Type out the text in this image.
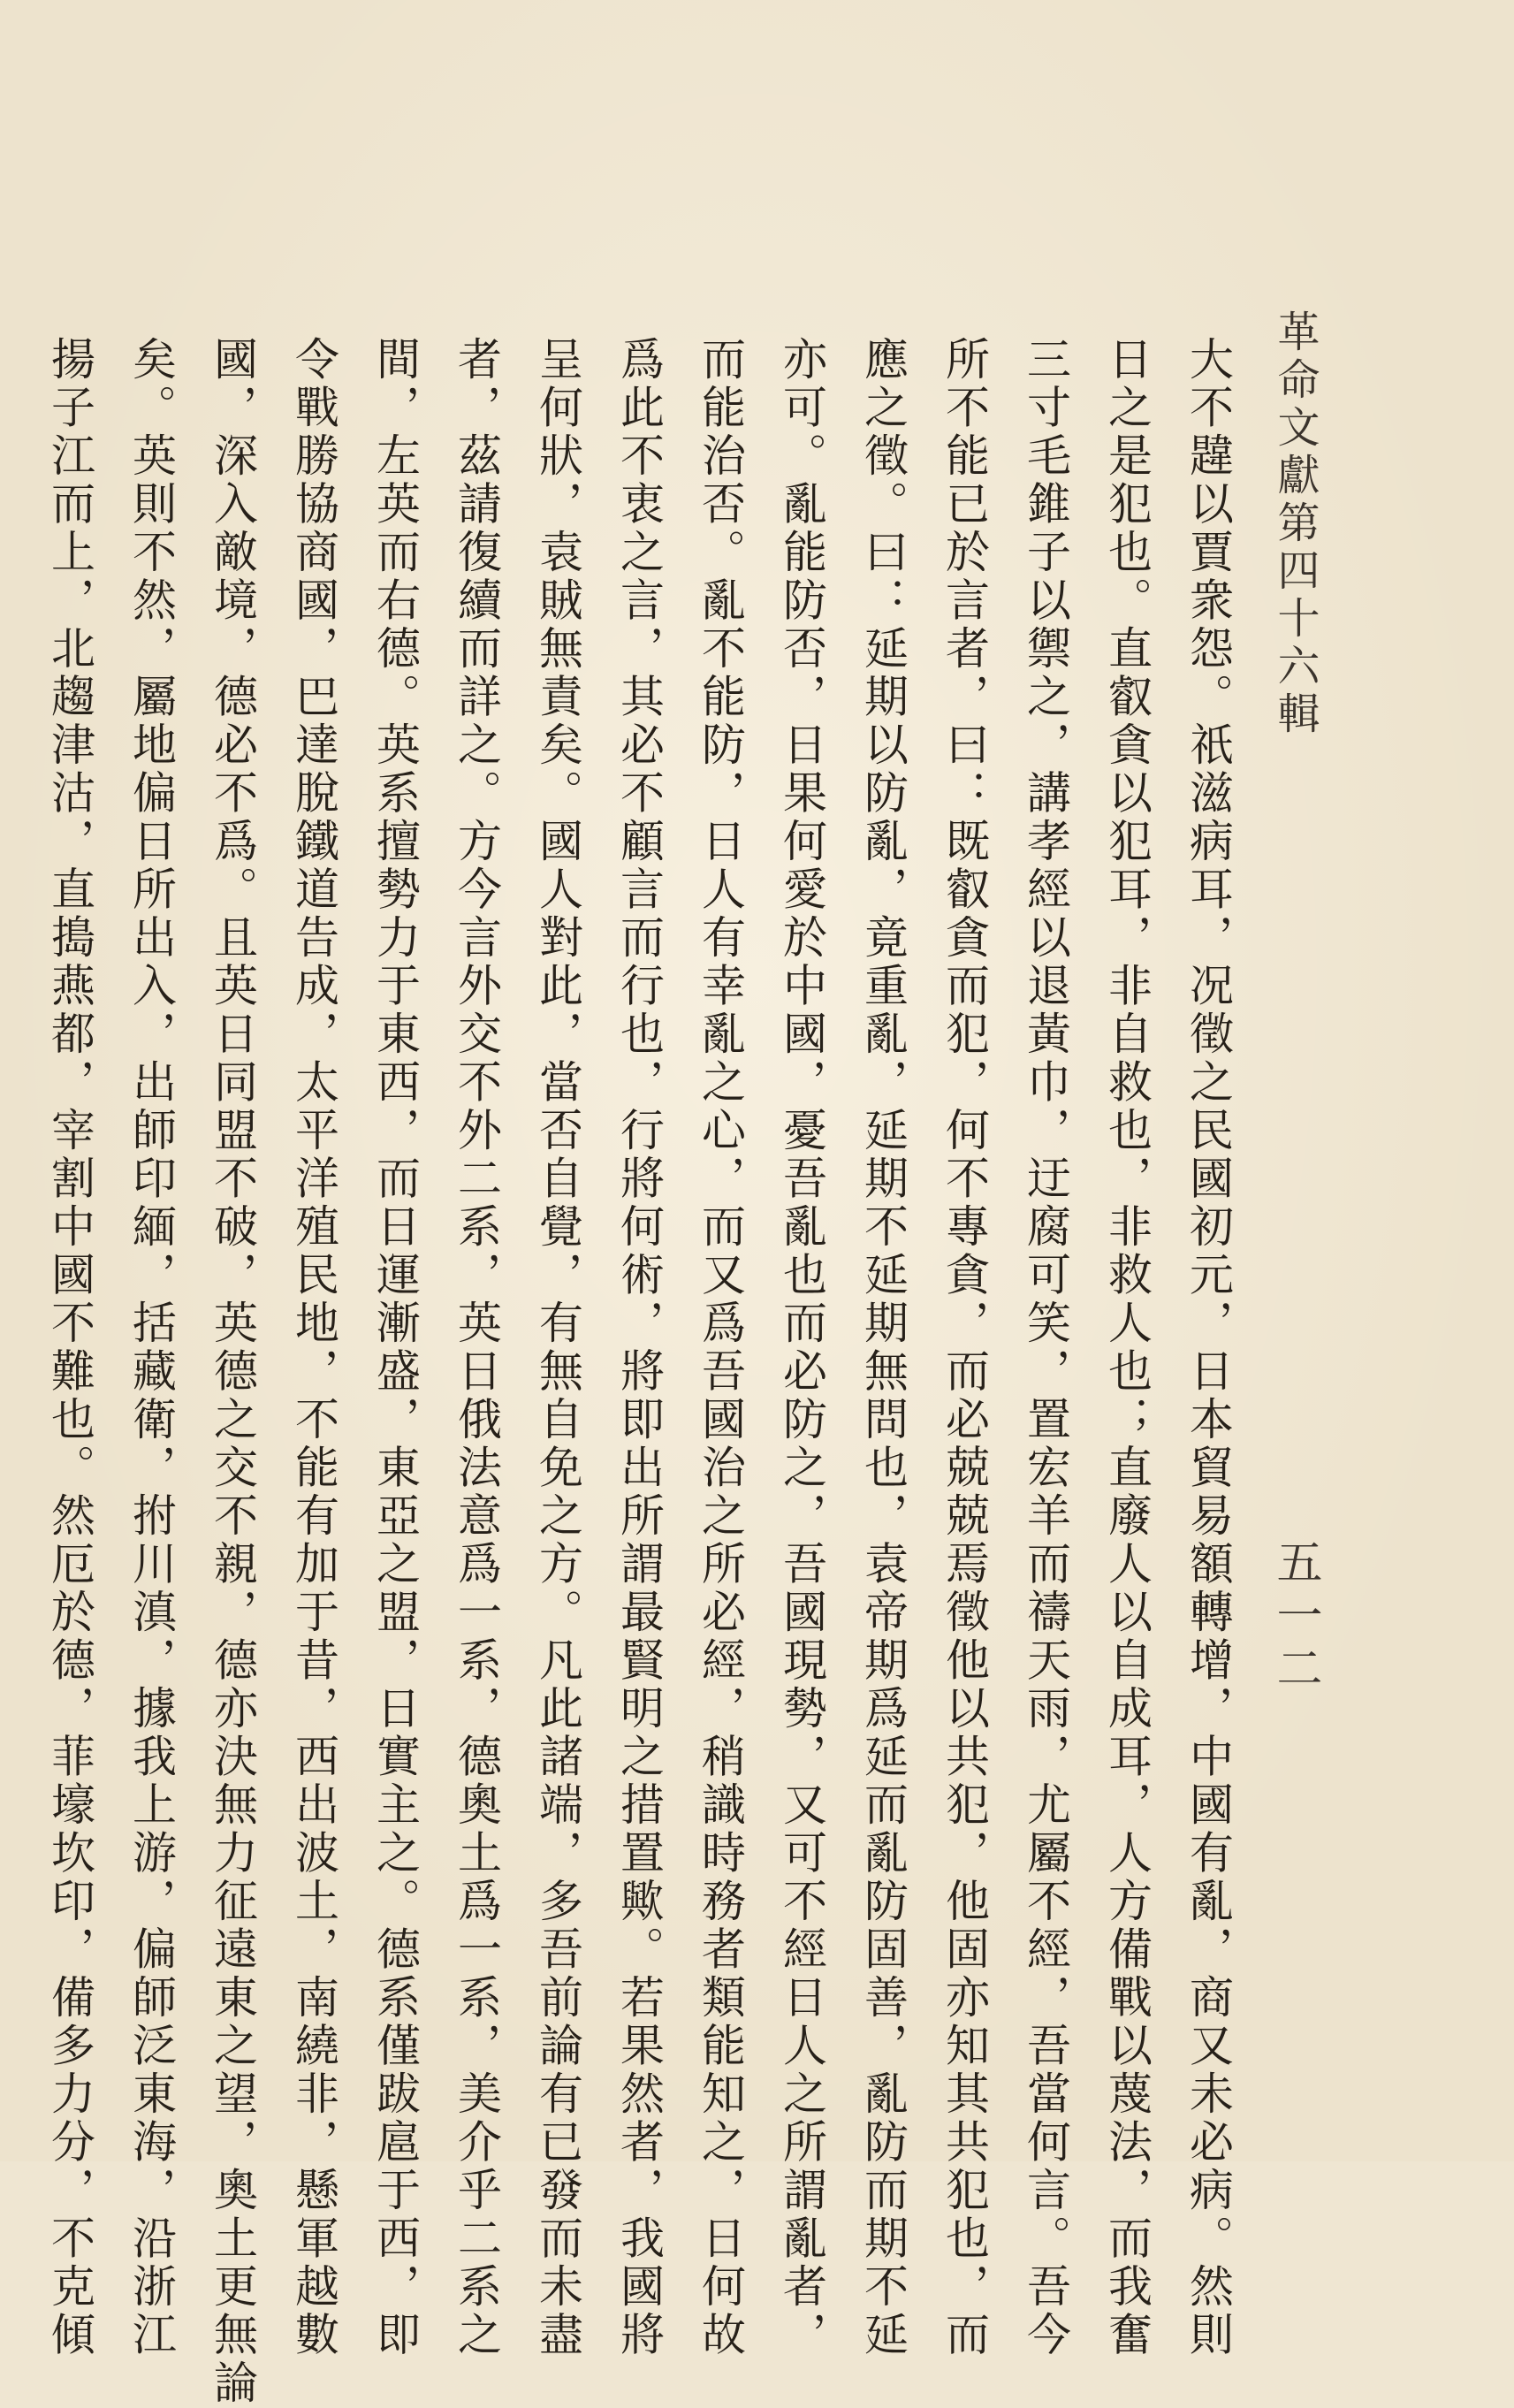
革命文獻第四十六輯
五一二
大不韙以賈衆怨。祇滋病耳，况徵之民國初元，日本貿易額轉增，中國有亂，商又未必病。然則
日之是犯也。直叡貪以犯耳，非自救也，非救人也；直廢人以自成耳，人方備戰以蔑法，而我奮
三寸毛錐子以禦之，講孝經以退黃巾，迂腐可笑，置宏羊而禱天雨，尤屬不經，吾當何言。吾今
所不能已於言者，曰：既叡貪而犯，何不專貪，而必兢兢焉徵他以共犯，他固亦知其共犯也，而
應之徵。曰：延期以防亂，竟重亂，延期不延期無問也，袁帝期爲延而亂防固善，亂防而期不延
亦可。亂能防否，日果何愛於中國，憂吾亂也而必防之，吾國現勢，又可不經日人之所謂亂者，
而能治否。亂不能防，日人有幸亂之心，而又爲吾國治之所必經，稍識時務者類能知之，日何故
爲此不衷之言，其必不顧言而行也，行將何術，將即出所謂最賢明之措置歟。若果然者，我國將
呈何狀，袁賊無責矣。國人對此，當否自覺，有無自免之方。凡此諸端，多吾前論有已發而未盡
者，茲請復續而詳之。方今言外交不外二系，英日俄法意爲一系，德奧土爲一系，美介乎二系之
間，左英而右德。英系擅勢力于東西，而日運漸盛，東亞之盟，日實主之。德系僅跋扈于西，即
令戰勝協商國，巴達脫鐵道告成，太平洋殖民地，不能有加于昔，西出波土，南繞非，懸軍越數
國，深入敵境，德必不爲。且英日同盟不破，英德之交不親，德亦決無力征遠東之望，奧土更無論
矣。英則不然，屬地偏日所出入，出師印緬，括藏衛，拊川滇，據我上游，偏師泛東海，沿浙江
揚子江而上，北趨津沽，直搗燕都，宰割中國不難也。然厄於德，菲壕坎印，備多力分，不克傾
